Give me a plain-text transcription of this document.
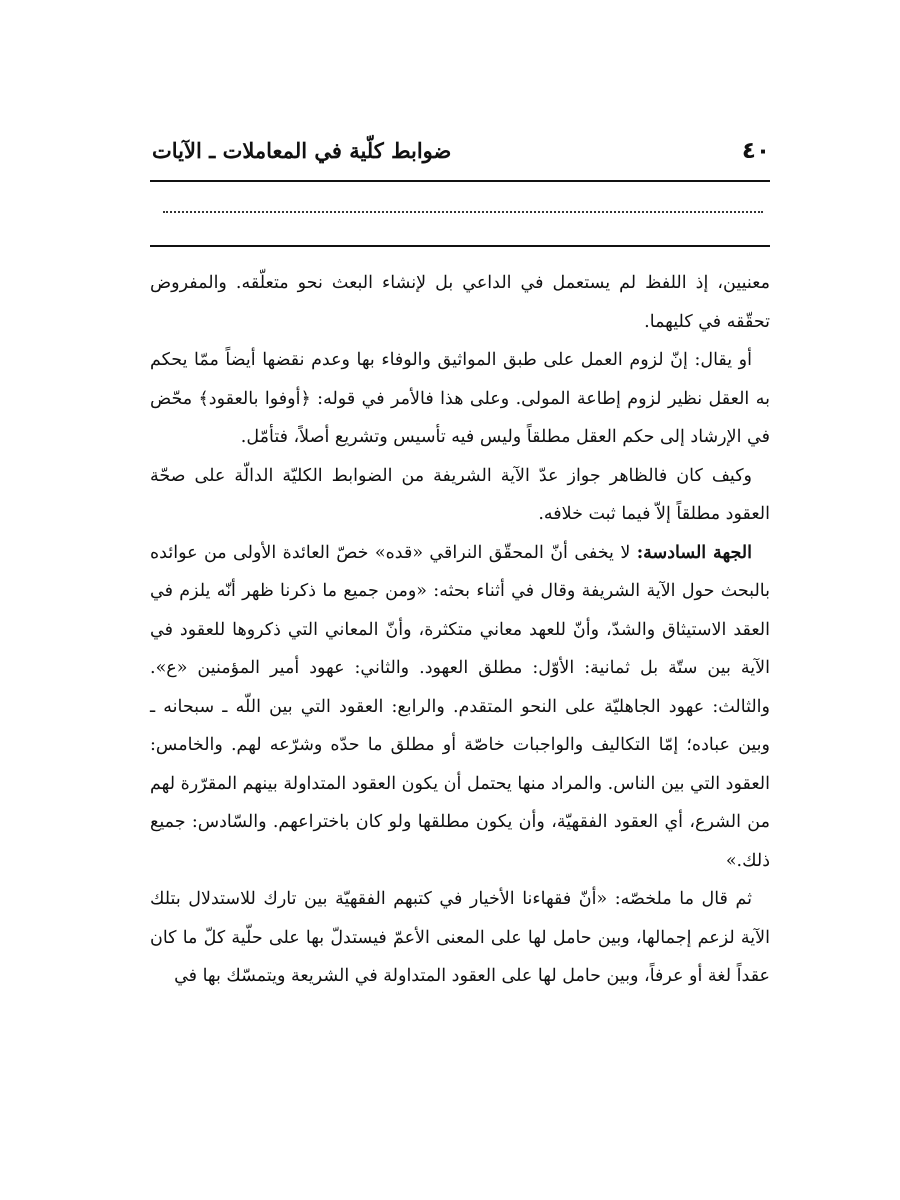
٤٠
ضوابط كلّية في المعاملات ـ الآيات

معنيين، إذ اللفظ لم يستعمل في الداعي بل لإنشاء البعث نحو متعلّقه. والمفروض تحقّقه في كليهما.

أو يقال: إنّ لزوم العمل على طبق المواثيق والوفاء بها وعدم نقضها أيضاً ممّا يحكم به العقل نظير لزوم إطاعة المولى. وعلى هذا فالأمر في قوله: ﴿أوفوا بالعقود﴾ محّض في الإرشاد إلى حكم العقل مطلقاً وليس فيه تأسيس وتشريع أصلاً، فتأمّل.

وكيف كان فالظاهر جواز عدّ الآية الشريفة من الضوابط الكليّة الدالّة على صحّة العقود مطلقاً إلاّ فيما ثبت خلافه.

الجهة السادسة: لا يخفى أنّ المحقّق النراقي «قده» خصّ العائدة الأولى من عوائده بالبحث حول الآية الشريفة وقال في أثناء بحثه: «ومن جميع ما ذكرنا ظهر أنّه يلزم في العقد الاستيثاق والشدّ، وأنّ للعهد معاني متكثرة، وأنّ المعاني التي ذكروها للعقود في الآية بين ستّة بل ثمانية: الأوّل: مطلق العهود. والثاني: عهود أمير المؤمنين «ع». والثالث: عهود الجاهليّة على النحو المتقدم. والرابع: العقود التي بين اللّه ـ سبحانه ـ وبين عباده؛ إمّا التكاليف والواجبات خاصّة أو مطلق ما حدّه وشرّعه لهم. والخامس: العقود التي بين الناس. والمراد منها يحتمل أن يكون العقود المتداولة بينهم المقرّرة لهم من الشرع، أي العقود الفقهيّة، وأن يكون مطلقها ولو كان باختراعهم. والسّادس: جميع ذلك.»

ثم قال ما ملخصّه: «أنّ فقهاءنا الأخيار في كتبهم الفقهيّة بين تارك للاستدلال بتلك الآية لزعم إجمالها، وبين حامل لها على المعنى الأعمّ فيستدلّ بها على حلّية كلّ ما كان عقداً لغة أو عرفاً، وبين حامل لها على العقود المتداولة في الشريعة ويتمسّك بها في
